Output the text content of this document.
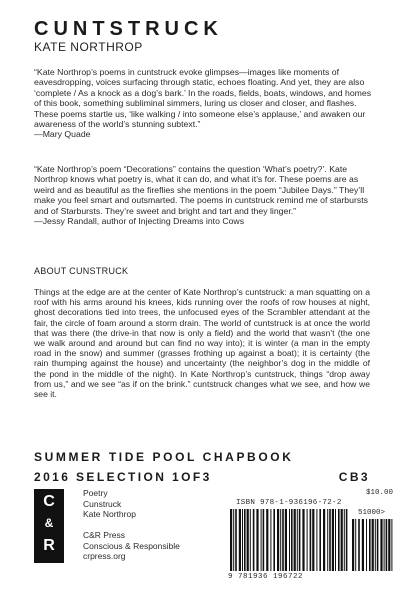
CUNTSTRUCK
KATE NORTHROP
“Kate Northrop’s poems in cuntstruck evoke glimpses—images like moments of eavesdropping, voices surfacing through static, echoes floating. And yet, they are also ‘complete / As a knock as a dog’s bark.’ In the roads, fields, boats, windows, and homes of this book, something subliminal simmers, luring us closer and closer, and flashes. These poems startle us, ‘like walking / into someone else’s applause,’ and awaken our awareness of the world’s stunning subtext.”
—Mary Quade
“Kate Northrop’s poem “Decorations” contains the question ‘What’s poetry?’. Kate Northrop knows what poetry is, what it can do, and what it’s for. These poems are as weird and as beautiful as the fireflies she mentions in the poem “Jubilee Days.” They’ll make you feel smart and outsmarted. The poems in cuntstruck remind me of starbursts and of Starbursts. They’re sweet and bright and tart and they linger.”
—Jessy Randall, author of Injecting Dreams into Cows
ABOUT CUNSTRUCK
Things at the edge are at the center of Kate Northrop’s cuntstruck: a man squatting on a roof with his arms around his knees, kids running over the roofs of row houses at night, ghost decorations tied into trees, the unfocused eyes of the Scrambler attendant at the fair, the circle of foam around a storm drain. The world of cuntstruck is at once the world that was there (the drive-in that now is only a field) and the world that wasn’t (the one we walk around and around but can find no way into); it is winter (a man in the empty road in the snow) and summer (grasses frothing up against a boat); it is certainty (the rain thumping against the house) and uncertainty (the neighbor’s dog in the middle of the pond in the middle of the night). In Kate Northrop’s cuntstruck, things “drop away from us,” and we see “as if on the brink.” cuntstruck changes what we see, and how we see it.
SUMMER TIDE POOL CHAPBOOK
2016 SELECTION 1OF3	CB3
C
&
R
Poetry
Cunstruck
Kate Northrop
C&R Press
Conscious & Responsible
crpress.org
$10.00
ISBN 978-1-936196-72-2
51000>
9 781936 196722
